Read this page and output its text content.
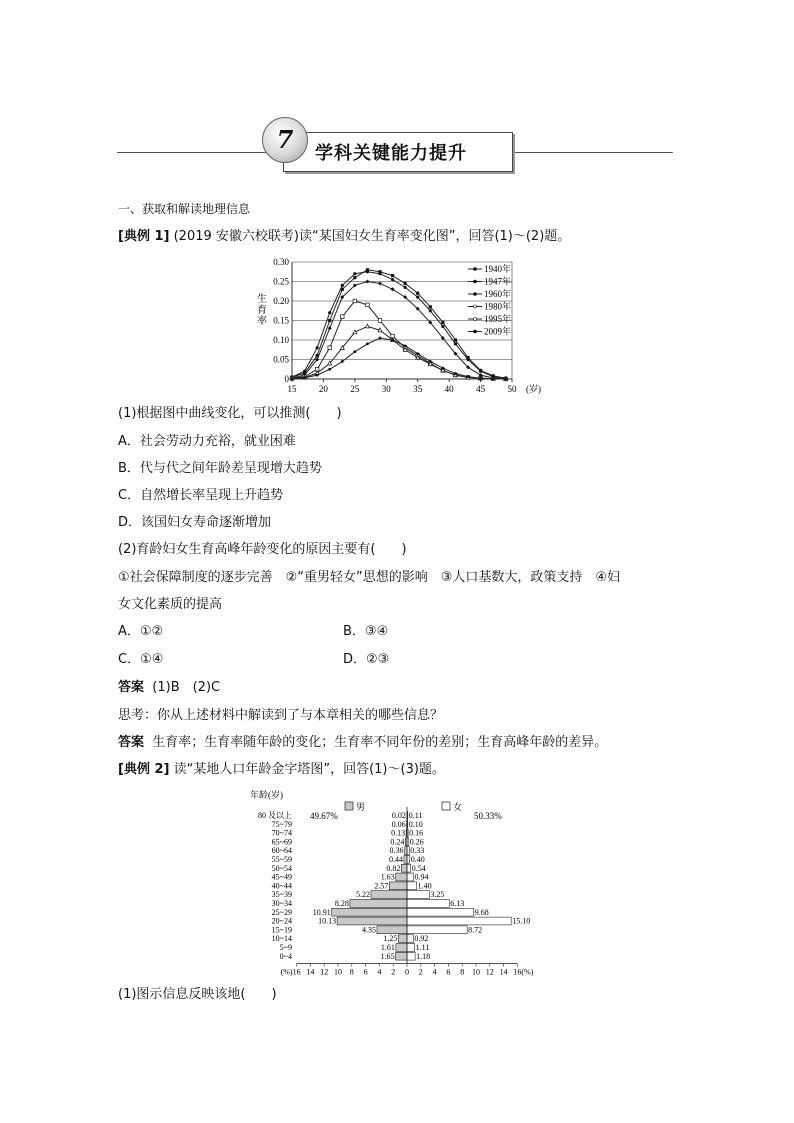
7	学科关键能力提升
一、获取和解读地理信息
[典例 1] (2019 安徽六校联考)读“某国妇女生育率变化图”，回答(1)～(2)题。
0
0.05
0.10
0.15
0.20
0.25
0.30
15 20 25 30 35 40 45 50 (岁)
生
育
率
1940年
1947年
1960年
1980年
1995年
2009年
(1)根据图中曲线变化，可以推测(　　)
A．社会劳动力充裕，就业困难
B．代与代之间年龄差呈现增大趋势
C．自然增长率呈现上升趋势
D．该国妇女寿命逐渐增加
(2)育龄妇女生育高峰年龄变化的原因主要有(　　)
①社会保障制度的逐步完善　②“重男轻女”思想的影响　③人口基数大，政策支持　④妇
女文化素质的提高
A．①②	B．③④
C．①④	D．②③
答案 (1)B　(2)C
思考：你从上述材料中解读到了与本章相关的哪些信息？
答案 生育率；生育率随年龄的变化；生育率不同年份的差别；生育高峰年龄的差异。
[典例 2] 读“某地人口年龄金字塔图”，回答(1)～(3)题。
年龄(岁)
男	女
49.67%	50.33%
80 及以上	0.02 0.11
75~79	0.06 0.10
70~74	0.13 0.16
65~69	0.24 0.26
60~64	0.36 0.33
55~59	0.44 0.40
50~54	0.82 0.54
45~49	1.63 0.94
40~44	2.57	1.40
35~39	5.22	3.25
30~34	8.28	6.13
25~29	10.91	9.68
20~24	10.13	15.10
15~19	4.35	8.72
10~14	1.25 0.92
5~9	1.61	1.11
0~4	1.65	1.18
16 14 12 10 8 6 4 2 0 2 4 6 8 10 12 14 16
(%)	(%)
(1)图示信息反映该地(　　)
